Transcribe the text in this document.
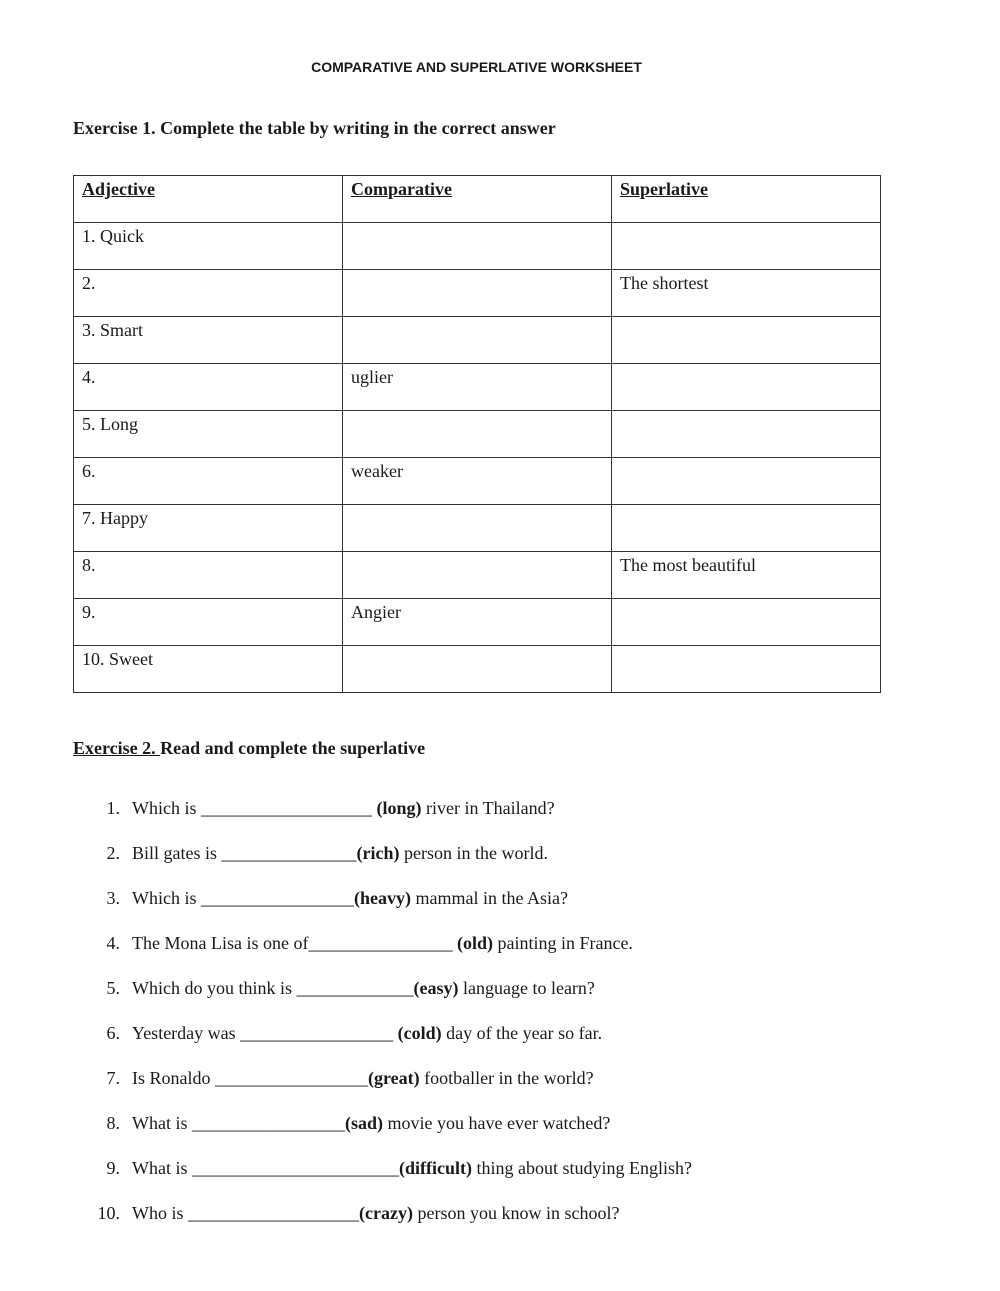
COMPARATIVE AND SUPERLATIVE WORKSHEET
Exercise 1. Complete the table by writing in the correct answer
Adjective	Comparative	Superlative
1. Quick		
2.		The shortest
3. Smart		
4.	uglier	
5. Long		
6.	weaker	
7. Happy		
8.		The most beautiful
9.	Angier	
10. Sweet		
Exercise 2. Read and complete the superlative
1. Which is ___________________ (long) river in Thailand?
2. Bill gates is _______________(rich) person in the world.
3. Which is _________________(heavy) mammal in the Asia?
4. The Mona Lisa is one of________________ (old) painting in France.
5. Which do you think is _____________(easy) language to learn?
6. Yesterday was _________________ (cold) day of the year so far.
7. Is Ronaldo _________________(great) footballer in the world?
8. What is _________________(sad) movie you have ever watched?
9. What is _______________________(difficult) thing about studying English?
10. Who is ___________________(crazy) person you know in school?
